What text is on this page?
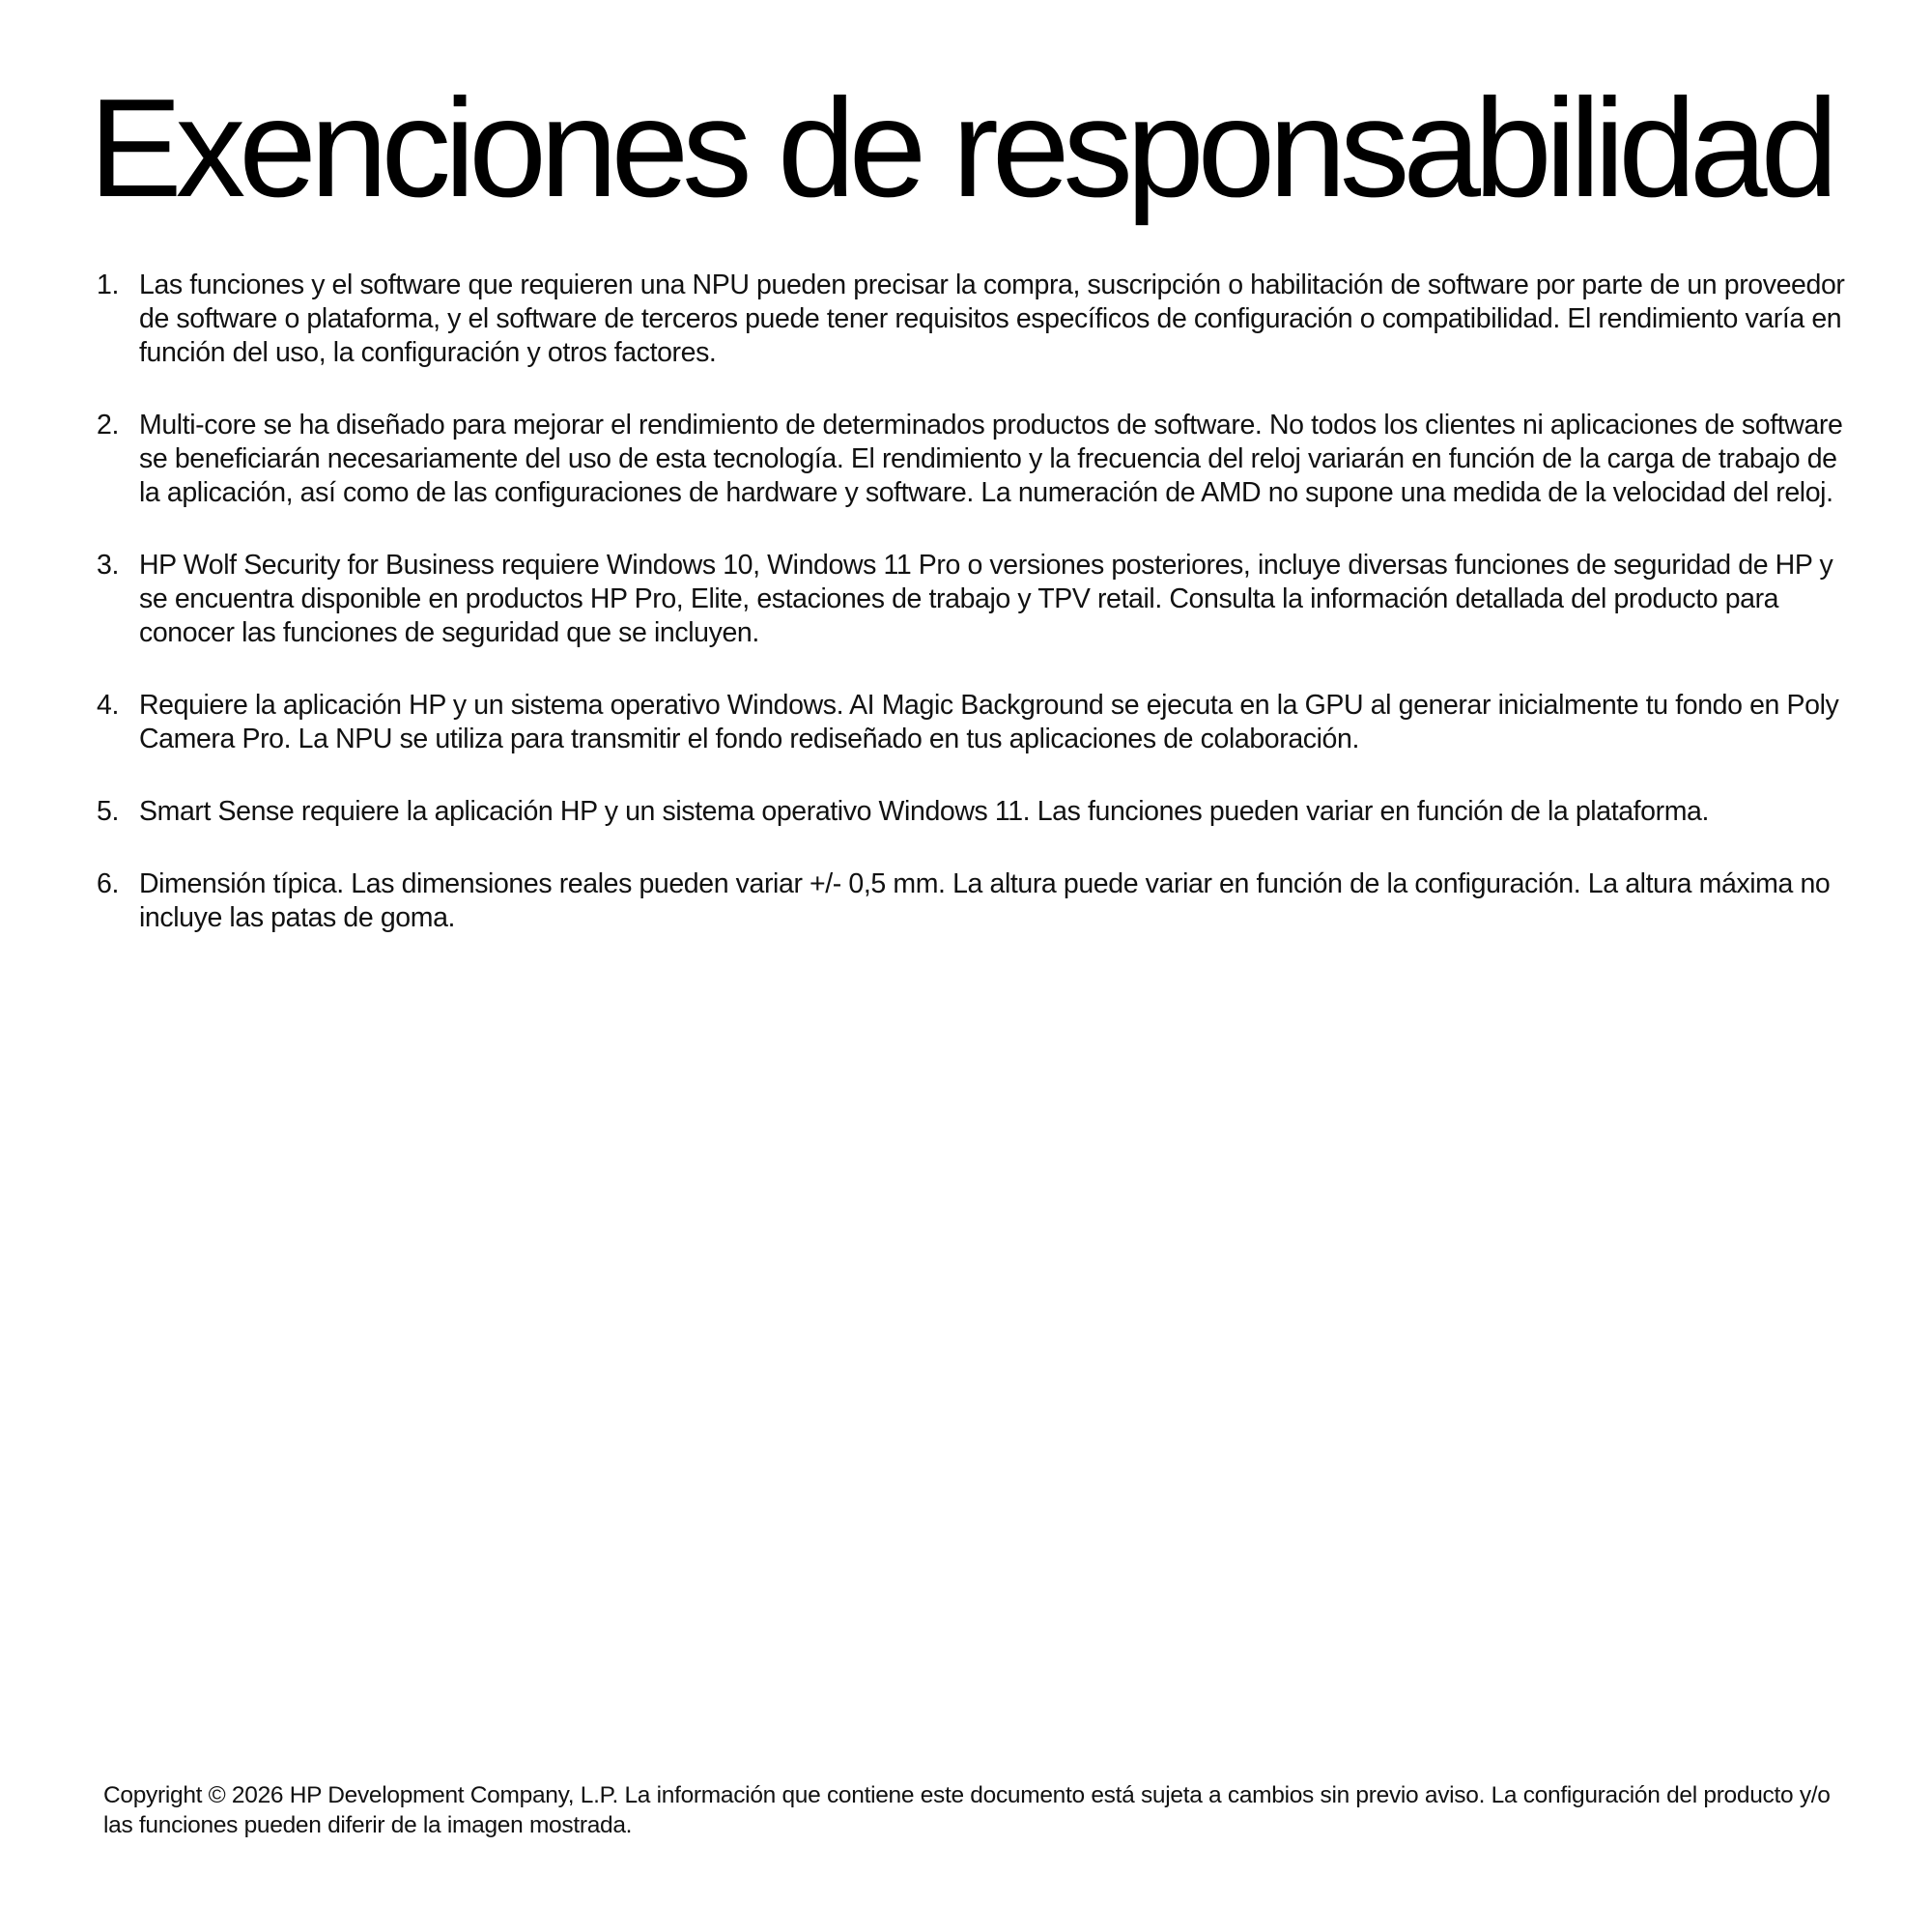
Exenciones de responsabilidad
1. Las funciones y el software que requieren una NPU pueden precisar la compra, suscripción o habilitación de software por parte de un proveedor de software o plataforma, y el software de terceros puede tener requisitos específicos de configuración o compatibilidad. El rendimiento varía en función del uso, la configuración y otros factores.
2. Multi-core se ha diseñado para mejorar el rendimiento de determinados productos de software. No todos los clientes ni aplicaciones de software se beneficiarán necesariamente del uso de esta tecnología. El rendimiento y la frecuencia del reloj variarán en función de la carga de trabajo de la aplicación, así como de las configuraciones de hardware y software. La numeración de AMD no supone una medida de la velocidad del reloj.
3. HP Wolf Security for Business requiere Windows 10, Windows 11 Pro o versiones posteriores, incluye diversas funciones de seguridad de HP y se encuentra disponible en productos HP Pro, Elite, estaciones de trabajo y TPV retail. Consulta la información detallada del producto para conocer las funciones de seguridad que se incluyen.
4. Requiere la aplicación HP y un sistema operativo Windows. AI Magic Background se ejecuta en la GPU al generar inicialmente tu fondo en Poly Camera Pro. La NPU se utiliza para transmitir el fondo rediseñado en tus aplicaciones de colaboración.
5. Smart Sense requiere la aplicación HP y un sistema operativo Windows 11. Las funciones pueden variar en función de la plataforma.
6. Dimensión típica. Las dimensiones reales pueden variar +/- 0,5 mm. La altura puede variar en función de la configuración. La altura máxima no incluye las patas de goma.

Copyright © 2026 HP Development Company, L.P. La información que contiene este documento está sujeta a cambios sin previo aviso. La configuración del producto y/o las funciones pueden diferir de la imagen mostrada.
